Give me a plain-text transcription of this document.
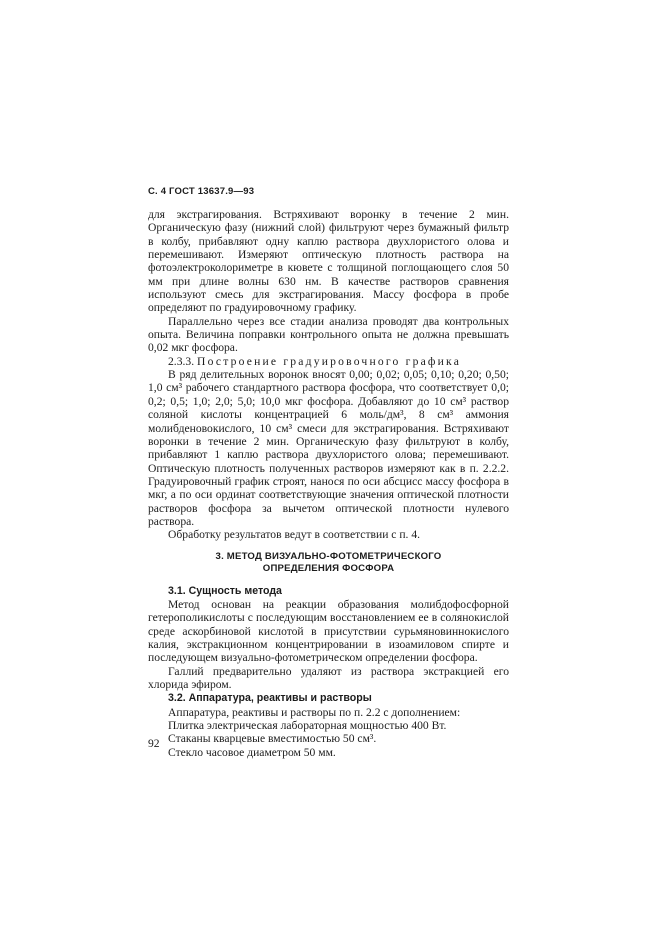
С. 4 ГОСТ 13637.9—93

для экстрагирования. Встряхивают воронку в течение 2 мин. Органическую фазу (нижний слой) фильтруют через бумажный фильтр в колбу, прибавляют одну каплю раствора двухлористого олова и перемешивают. Измеряют оптическую плотность раствора на фотоэлектроколориметре в кювете с толщиной поглощающего слоя 50 мм при длине волны 630 нм. В качестве растворов сравнения используют смесь для экстрагирования. Массу фосфора в пробе определяют по градуировочному графику.

Параллельно через все стадии анализа проводят два контрольных опыта. Величина поправки контрольного опыта не должна превышать 0,02 мкг фосфора.

2.3.3. Построение градуировочного графика

В ряд делительных воронок вносят 0,00; 0,02; 0,05; 0,10; 0,20; 0,50; 1,0 см³ рабочего стандартного раствора фосфора, что соответствует 0,0; 0,2; 0,5; 1,0; 2,0; 5,0; 10,0 мкг фосфора. Добавляют до 10 см³ раствор соляной кислоты концентрацией 6 моль/дм³, 8 см³ аммония молибденовокислого, 10 см³ смеси для экстрагирования. Встряхивают воронки в течение 2 мин. Органическую фазу фильтруют в колбу, прибавляют 1 каплю раствора двухлористого олова; перемешивают. Оптическую плотность полученных растворов измеряют как в п. 2.2.2. Градуировочный график строят, нанося по оси абсцисс массу фосфора в мкг, а по оси ординат соответствующие значения оптической плотности растворов фосфора за вычетом оптической плотности нулевого раствора.

Обработку результатов ведут в соответствии с п. 4.

3. МЕТОД ВИЗУАЛЬНО-ФОТОМЕТРИЧЕСКОГО
ОПРЕДЕЛЕНИЯ ФОСФОРА

3.1. Сущность метода

Метод основан на реакции образования молибдофосфорной гетерополикислоты с последующим восстановлением ее в солянокислой среде аскорбиновой кислотой в присутствии сурьмяновиннокислого калия, экстракционном концентрировании в изоамиловом спирте и последующем визуально-фотометрическом определении фосфора.

Галлий предварительно удаляют из раствора экстракцией его хлорида эфиром.

3.2. Аппаратура, реактивы и растворы

Аппаратура, реактивы и растворы по п. 2.2 с дополнением:

Плитка электрическая лабораторная мощностью 400 Вт.

Стаканы кварцевые вместимостью 50 см³.

Стекло часовое диаметром 50 мм.

92
